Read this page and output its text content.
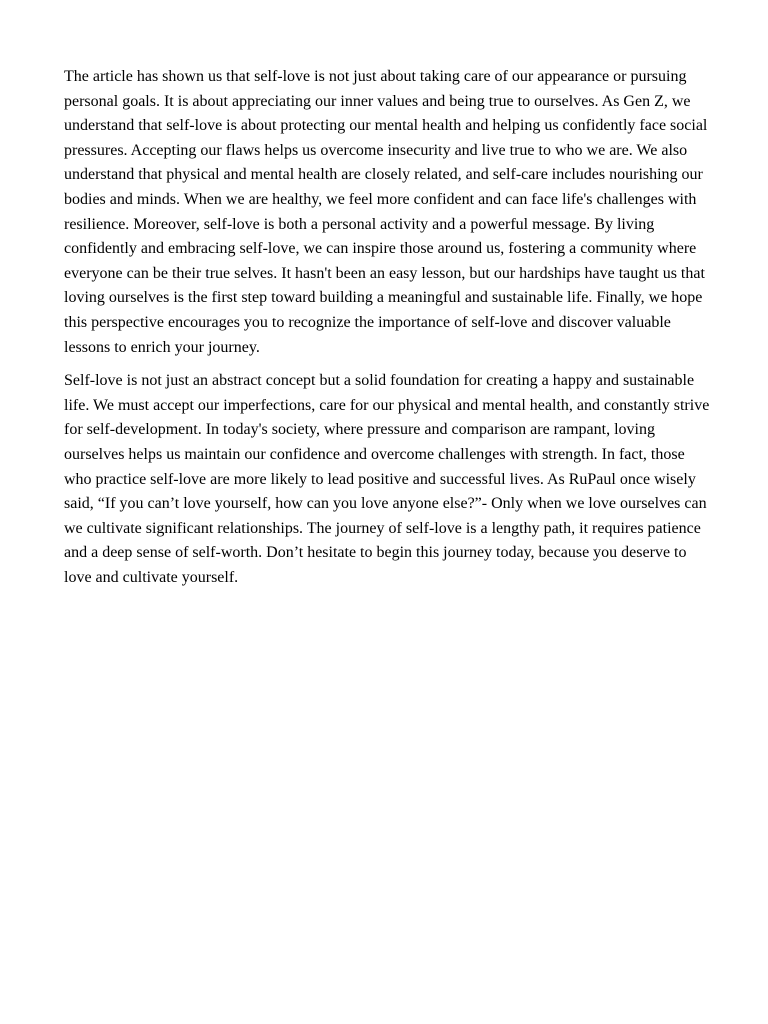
The article has shown us that self-love is not just about taking care of our appearance or pursuing personal goals. It is about appreciating our inner values and being true to ourselves. As Gen Z, we understand that self-love is about protecting our mental health and helping us confidently face social pressures. Accepting our flaws helps us overcome insecurity and live true to who we are. We also understand that physical and mental health are closely related, and self-care includes nourishing our bodies and minds. When we are healthy, we feel more confident and can face life's challenges with resilience. Moreover, self-love is both a personal activity and a powerful message. By living confidently and embracing self-love, we can inspire those around us, fostering a community where everyone can be their true selves. It hasn't been an easy lesson, but our hardships have taught us that loving ourselves is the first step toward building a meaningful and sustainable life. Finally, we hope this perspective encourages you to recognize the importance of self-love and discover valuable lessons to enrich your journey.

Self-love is not just an abstract concept but a solid foundation for creating a happy and sustainable life. We must accept our imperfections, care for our physical and mental health, and constantly strive for self-development. In today's society, where pressure and comparison are rampant, loving ourselves helps us maintain our confidence and overcome challenges with strength. In fact, those who practice self-love are more likely to lead positive and successful lives. As RuPaul once wisely said, “If you can’t love yourself, how can you love anyone else?”- Only when we love ourselves can we cultivate significant relationships. The journey of self-love is a lengthy path, it requires patience and a deep sense of self-worth. Don’t hesitate to begin this journey today, because you deserve to love and cultivate yourself.
